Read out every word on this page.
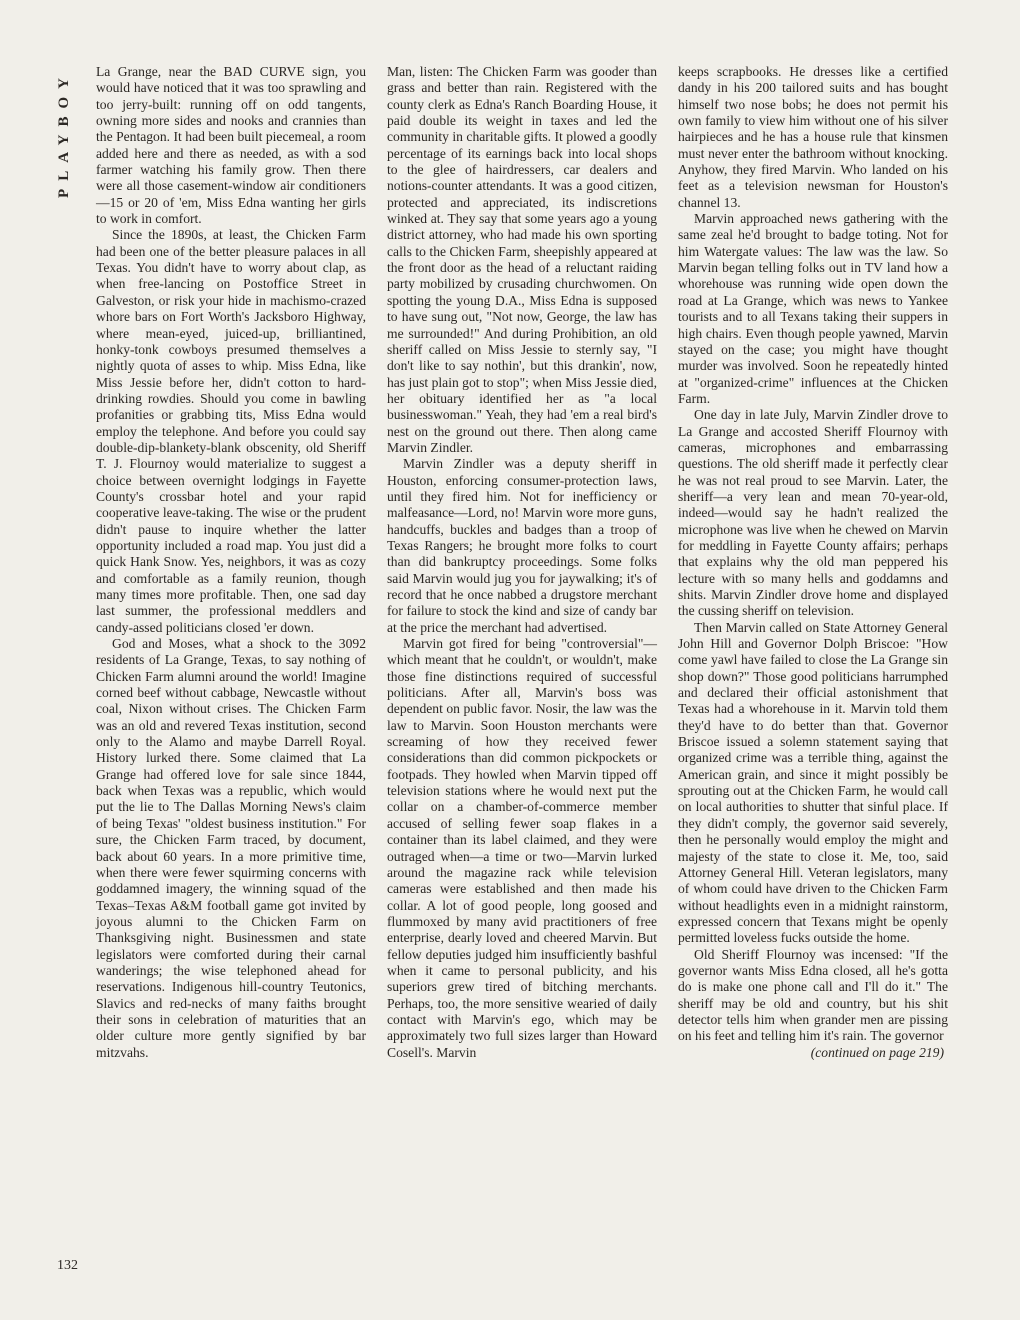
PLAYBOY La Grange, near the BAD CURVE sign, you would have noticed that it was too sprawling and too jerry-built: running off on odd tangents, owning more sides and nooks and crannies than the Pentagon. It had been built piecemeal, a room added here and there as needed, as with a sod farmer watching his family grow. Then there were all those casement-window air conditioners—15 or 20 of 'em, Miss Edna wanting her girls to work in comfort.

Since the 1890s, at least, the Chicken Farm had been one of the better pleasure palaces in all Texas. You didn't have to worry about clap, as when free-lancing on Postoffice Street in Galveston, or risk your hide in machismo-crazed whore bars on Fort Worth's Jacksboro Highway, where mean-eyed, juiced-up, brilliantined, honky-tonk cowboys presumed themselves a nightly quota of asses to whip. Miss Edna, like Miss Jessie before her, didn't cotton to hard-drinking rowdies. Should you come in bawling profanities or grabbing tits, Miss Edna would employ the telephone. And before you could say double-dip-blankety-blank obscenity, old Sheriff T. J. Flournoy would materialize to suggest a choice between overnight lodgings in Fayette County's crossbar hotel and your rapid cooperative leave-taking. The wise or the prudent didn't pause to inquire whether the latter opportunity included a road map. You just did a quick Hank Snow. Yes, neighbors, it was as cozy and comfortable as a family reunion, though many times more profitable. Then, one sad day last summer, the professional meddlers and candy-assed politicians closed 'er down.

God and Moses, what a shock to the 3092 residents of La Grange, Texas, to say nothing of Chicken Farm alumni around the world! Imagine corned beef without cabbage, Newcastle without coal, Nixon without crises. The Chicken Farm was an old and revered Texas institution, second only to the Alamo and maybe Darrell Royal. History lurked there. Some claimed that La Grange had offered love for sale since 1844, back when Texas was a republic, which would put the lie to The Dallas Morning News's claim of being Texas' "oldest business institution." For sure, the Chicken Farm traced, by document, back about 60 years. In a more primitive time, when there were fewer squirming concerns with goddamned imagery, the winning squad of the Texas–Texas A&M football game got invited by joyous alumni to the Chicken Farm on Thanksgiving night. Businessmen and state legislators were comforted during their carnal wanderings; the wise telephoned ahead for reservations. Indigenous hill-country Teutonics, Slavics and red-necks of many faiths brought their sons in celebration of maturities that an older culture more gently signified by bar mitzvahs.

Man, listen: The Chicken Farm was gooder than grass and better than rain. Registered with the county clerk as Edna's Ranch Boarding House, it paid double its weight in taxes and led the community in charitable gifts. It plowed a goodly percentage of its earnings back into local shops to the glee of hairdressers, car dealers and notions-counter attendants. It was a good citizen, protected and appreciated, its indiscretions winked at. They say that some years ago a young district attorney, who had made his own sporting calls to the Chicken Farm, sheepishly appeared at the front door as the head of a reluctant raiding party mobilized by crusading churchwomen. On spotting the young D.A., Miss Edna is supposed to have sung out, "Not now, George, the law has me surrounded!" And during Prohibition, an old sheriff called on Miss Jessie to sternly say, "I don't like to say nothin', but this drankin', now, has just plain got to stop"; when Miss Jessie died, her obituary identified her as "a local businesswoman." Yeah, they had 'em a real bird's nest on the ground out there. Then along came Marvin Zindler.

Marvin Zindler was a deputy sheriff in Houston, enforcing consumer-protection laws, until they fired him. Not for inefficiency or malfeasance—Lord, no! Marvin wore more guns, handcuffs, buckles and badges than a troop of Texas Rangers; he brought more folks to court than did bankruptcy proceedings. Some folks said Marvin would jug you for jaywalking; it's of record that he once nabbed a drugstore merchant for failure to stock the kind and size of candy bar at the price the merchant had advertised.

Marvin got fired for being "controversial"—which meant that he couldn't, or wouldn't, make those fine distinctions required of successful politicians. After all, Marvin's boss was dependent on public favor. Nosir, the law was the law to Marvin. Soon Houston merchants were screaming of how they received fewer considerations than did common pickpockets or footpads. They howled when Marvin tipped off television stations where he would next put the collar on a chamber-of-commerce member accused of selling fewer soap flakes in a container than its label claimed, and they were outraged when—a time or two—Marvin lurked around the magazine rack while television cameras were established and then made his collar. A lot of good people, long goosed and flummoxed by many avid practitioners of free enterprise, dearly loved and cheered Marvin. But fellow deputies judged him insufficiently bashful when it came to personal publicity, and his superiors grew tired of bitching merchants. Perhaps, too, the more sensitive wearied of daily contact with Marvin's ego, which may be approximately two full sizes larger than Howard Cosell's. Marvin

keeps scrapbooks. He dresses like a certified dandy in his 200 tailored suits and has bought himself two nose bobs; he does not permit his own family to view him without one of his silver hairpieces and he has a house rule that kinsmen must never enter the bathroom without knocking. Anyhow, they fired Marvin. Who landed on his feet as a television newsman for Houston's channel 13.

Marvin approached news gathering with the same zeal he'd brought to badge toting. Not for him Watergate values: The law was the law. So Marvin began telling folks out in TV land how a whorehouse was running wide open down the road at La Grange, which was news to Yankee tourists and to all Texans taking their suppers in high chairs. Even though people yawned, Marvin stayed on the case; you might have thought murder was involved. Soon he repeatedly hinted at "organized-crime" influences at the Chicken Farm.

One day in late July, Marvin Zindler drove to La Grange and accosted Sheriff Flournoy with cameras, microphones and embarrassing questions. The old sheriff made it perfectly clear he was not real proud to see Marvin. Later, the sheriff—a very lean and mean 70-year-old, indeed—would say he hadn't realized the microphone was live when he chewed on Marvin for meddling in Fayette County affairs; perhaps that explains why the old man peppered his lecture with so many hells and goddamns and shits. Marvin Zindler drove home and displayed the cussing sheriff on television.

Then Marvin called on State Attorney General John Hill and Governor Dolph Briscoe: "How come yawl have failed to close the La Grange sin shop down?" Those good politicians harrumphed and declared their official astonishment that Texas had a whorehouse in it. Marvin told them they'd have to do better than that. Governor Briscoe issued a solemn statement saying that organized crime was a terrible thing, against the American grain, and since it might possibly be sprouting out at the Chicken Farm, he would call on local authorities to shutter that sinful place. If they didn't comply, the governor said severely, then he personally would employ the might and majesty of the state to close it. Me, too, said Attorney General Hill. Veteran legislators, many of whom could have driven to the Chicken Farm without headlights even in a midnight rainstorm, expressed concern that Texans might be openly permitted loveless fucks outside the home.

Old Sheriff Flournoy was incensed: "If the governor wants Miss Edna closed, all he's gotta do is make one phone call and I'll do it." The sheriff may be old and country, but his shit detector tells him when grander men are pissing on his feet and telling him it's rain. The governor

(continued on page 219)
132
